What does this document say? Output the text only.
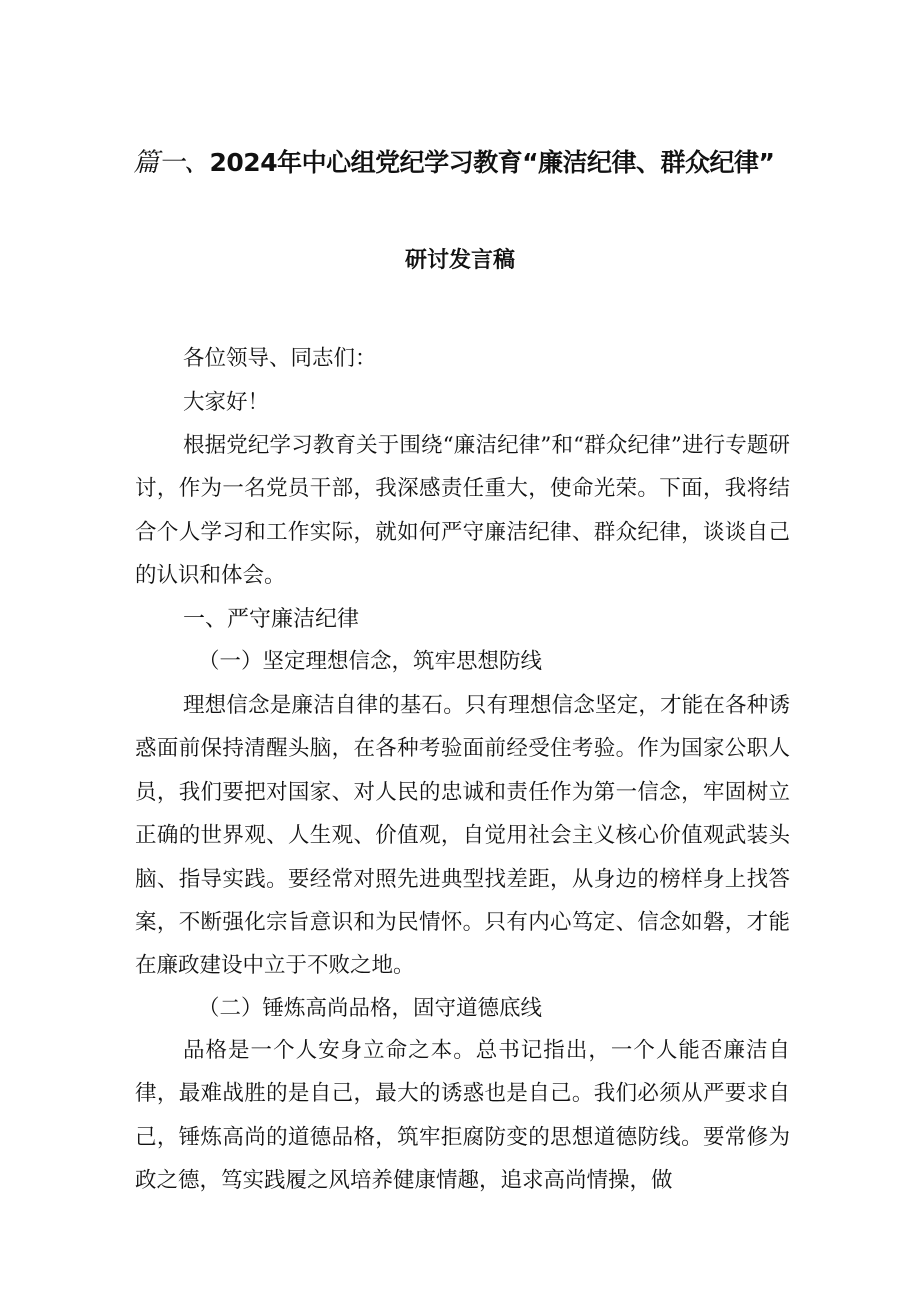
篇一、2024年中心组党纪学习教育“廉洁纪律、群众纪律”
研讨发言稿

各位领导、同志们：

大家好！

根据党纪学习教育关于围绕“廉洁纪律”和“群众纪律”进行专题研讨，作为一名党员干部，我深感责任重大，使命光荣。下面，我将结合个人学习和工作实际，就如何严守廉洁纪律、群众纪律，谈谈自己的认识和体会。

一、严守廉洁纪律

（一）坚定理想信念，筑牢思想防线

理想信念是廉洁自律的基石。只有理想信念坚定，才能在各种诱惑面前保持清醒头脑，在各种考验面前经受住考验。作为国家公职人员，我们要把对国家、对人民的忠诚和责任作为第一信念，牢固树立正确的世界观、人生观、价值观，自觉用社会主义核心价值观武装头脑、指导实践。要经常对照先进典型找差距，从身边的榜样身上找答案，不断强化宗旨意识和为民情怀。只有内心笃定、信念如磐，才能在廉政建设中立于不败之地。

（二）锤炼高尚品格，固守道德底线

品格是一个人安身立命之本。总书记指出，一个人能否廉洁自律，最难战胜的是自己，最大的诱惑也是自己。我们必须从严要求自己，锤炼高尚的道德品格，筑牢拒腐防变的思想道德防线。要常修为政之德，笃实践履之风培养健康情趣，追求高尚情操，做
